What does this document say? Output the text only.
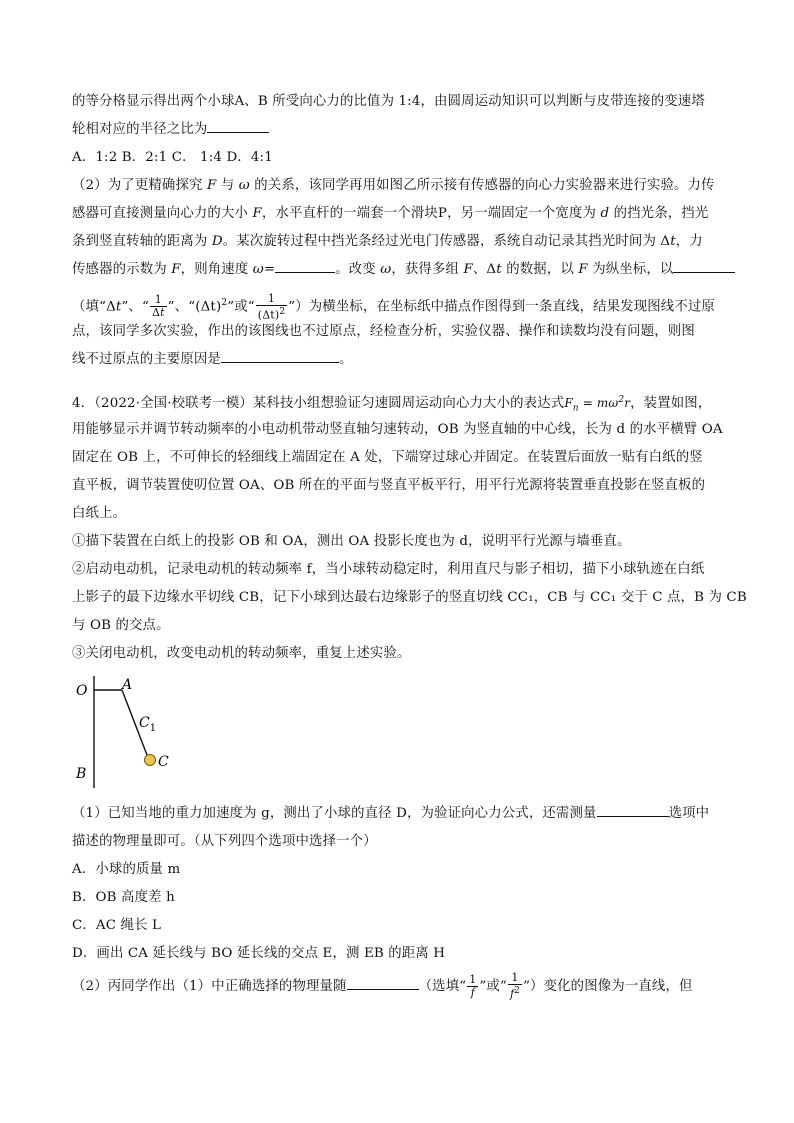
的等分格显示得出两个小球A、B 所受向心力的比值为 1:4，由圆周运动知识可以判断与皮带连接的变速塔
轮相对应的半径之比为
A．1:2 B．2:1 C． 1:4 D．4:1
（2）为了更精确探究 F 与 ω 的关系，该同学再用如图乙所示接有传感器的向心力实验器来进行实验。力传
感器可直接测量向心力的大小 F，水平直杆的一端套一个滑块P，另一端固定一个宽度为 d 的挡光条，挡光
条到竖直转轴的距离为 D。某次旋转过程中挡光条经过光电门传感器，系统自动记录其挡光时间为 Δt，力
传感器的示数为 F，则角速度 ω=	。改变 ω，获得多组 F、Δt 的数据，以 F 为纵坐标，以
（填“Δt”、“ $\frac{1}{\Delta t}$ ”、“$(\Delta t)^2$”或“ $\frac{1}{(\Delta t)^2}$ ”）为横坐标，在坐标纸中描点作图得到一条直线，结果发现图线不过原
点，该同学多次实验，作出的该图线也不过原点，经检查分析，实验仪器、操作和读数均没有问题，则图
线不过原点的主要原因是	。
4．（2022·全国·校联考一模）某科技小组想验证匀速圆周运动向心力大小的表达式$F_n = m\omega^2r$，装置如图，
用能够显示并调节转动频率的小电动机带动竖直轴匀速转动，OB 为竖直轴的中心线，长为 d 的水平横臂 OA
固定在 OB 上，不可伸长的轻细线上端固定在 A 处，下端穿过球心并固定。在装置后面放一贴有白纸的竖
直平板，调节装置使叨位置 OA、OB 所在的平面与竖直平板平行，用平行光源将装置垂直投影在竖直板的
白纸上。
①描下装置在白纸上的投影 OB 和 OA，测出 OA 投影长度也为 d，说明平行光源与墙垂直。
②启动电动机，记录电动机的转动频率 f，当小球转动稳定时，利用直尺与影子相切，描下小球轨迹在白纸
上影子的最下边缘水平切线 CB，记下小球到达最右边缘影子的竖直切线 CC₁，CB 与 CC₁ 交于 C 点，B 为 CB
与 OB 的交点。
③关闭电动机，改变电动机的转动频率，重复上述实验。
O A
$C_1$
C
B
（1）已知当地的重力加速度为 g，测出了小球的直径 D，为验证向心力公式，还需测量	选项中
描述的物理量即可。（从下列四个选项中选择一个）
A．小球的质量 m
B．OB 高度差 h
C．AC 绳长 L
D．画出 CA 延长线与 BO 延长线的交点 E，测 EB 的距离 H
（2）丙同学作出（1）中正确选择的物理量随	（选填“ $\frac{1}{f}$ ”或“ $\frac{1}{f^2}$ ”）变化的图像为一直线，但
